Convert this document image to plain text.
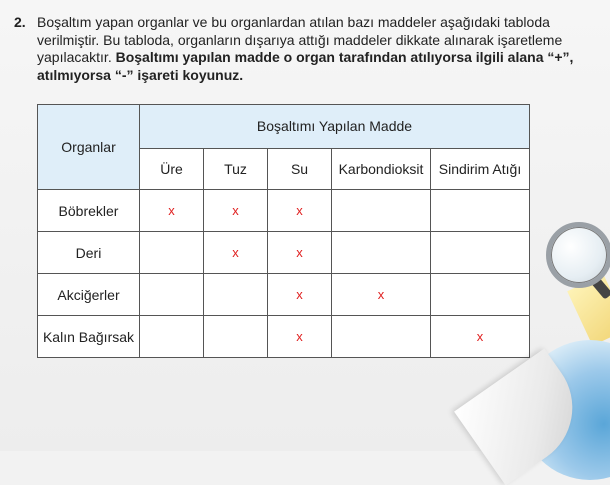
2. Boşaltım yapan organlar ve bu organlardan atılan bazı maddeler aşağıdaki tabloda verilmiştir. Bu tabloda, organların dışarıya attığı maddeler dikkate alınarak işaretleme yapılacaktır. Boşaltımı yapılan madde o organ tarafından atılıyorsa ilgili alana “+”, atılmıyorsa “-” işareti koyunuz.
Organlar	Boşaltımı Yapılan Madde				
	Üre	Tuz	Su	Karbondioksit	Sindirim Atığı
Böbrekler	x	x	x		
Deri		x	x		
Akciğerler			x	x	
Kalın Bağırsak			x		x
